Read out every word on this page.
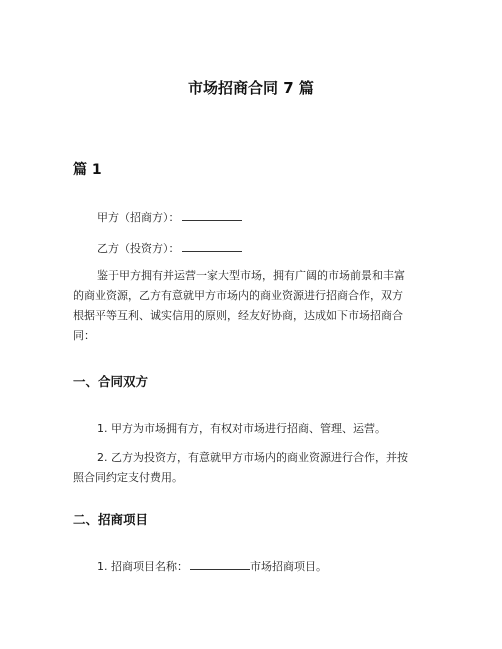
市场招商合同 7 篇
篇 1
甲方（招商方）：
乙方（投资方）：
鉴于甲方拥有并运营一家大型市场，拥有广阔的市场前景和丰富
的商业资源，乙方有意就甲方市场内的商业资源进行招商合作，双方
根据平等互利、诚实信用的原则，经友好协商，达成如下市场招商合
同：
一、合同双方
1. 甲方为市场拥有方，有权对市场进行招商、管理、运营。
2. 乙方为投资方，有意就甲方市场内的商业资源进行合作，并按
照合同约定支付费用。
二、招商项目
1. 招商项目名称：	市场招商项目。
